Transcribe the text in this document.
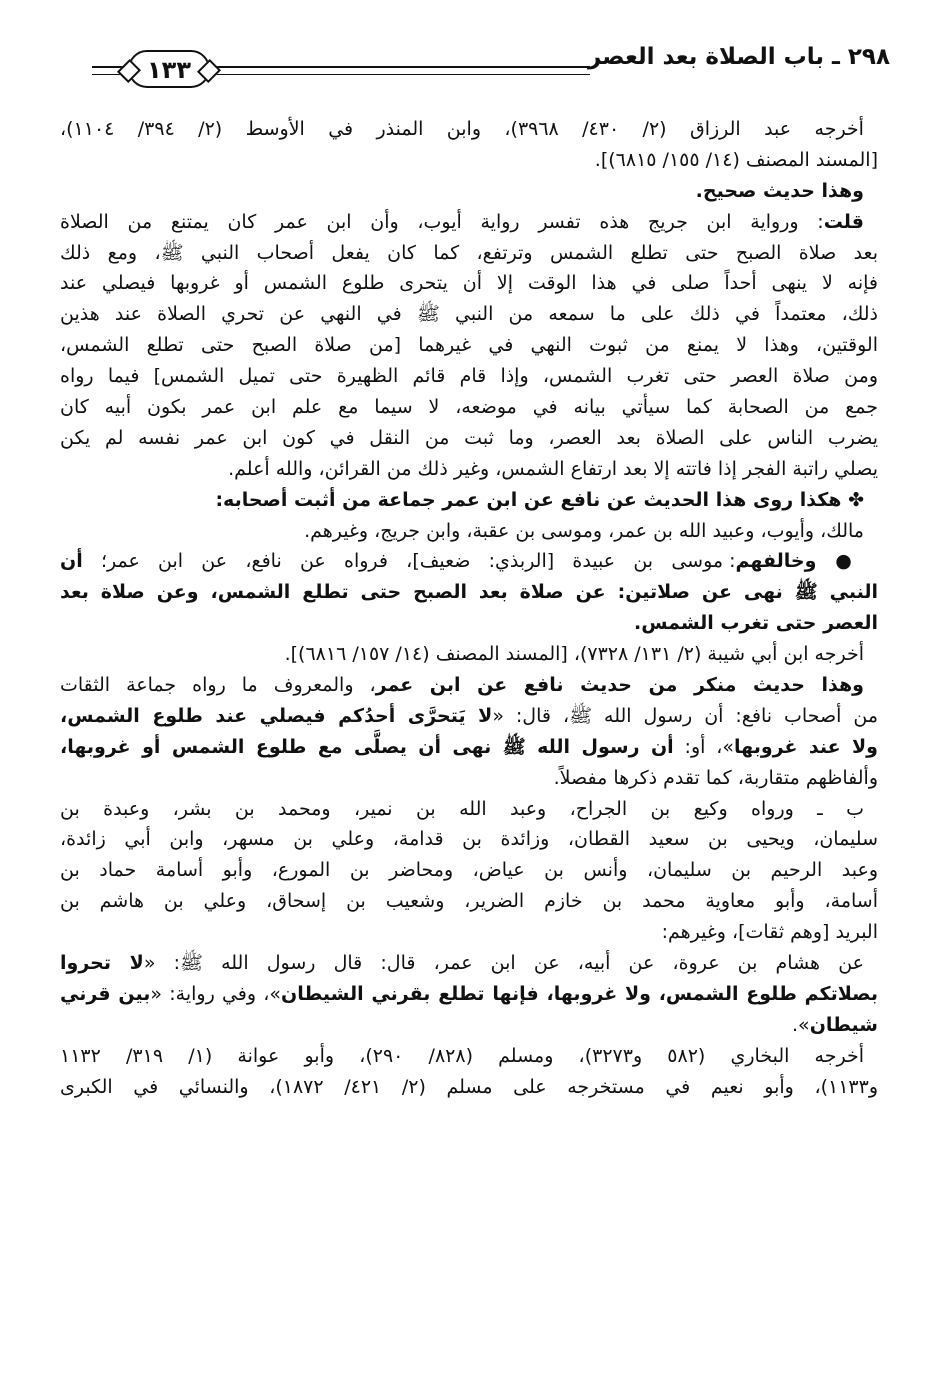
٢٩٨ ـ باب الصلاة بعد العصر
١٣٣
أخرجه عبد الرزاق (٢/ ٤٣٠/ ٣٩٦٨)، وابن المنذر في الأوسط (٢/ ٣٩٤/ ١١٠٤)،
[المسند المصنف (١٤/ ١٥٥/ ٦٨١٥)].
وهذا حديث صحيح.
قلت: ورواية ابن جريج هذه تفسر رواية أيوب، وأن ابن عمر كان يمتنع من الصلاة
بعد صلاة الصبح حتى تطلع الشمس وترتفع، كما كان يفعل أصحاب النبي ﷺ، ومع ذلك
فإنه لا ينهى أحداً صلى في هذا الوقت إلا أن يتحرى طلوع الشمس أو غروبها فيصلي عند
ذلك، معتمداً في ذلك على ما سمعه من النبي ﷺ في النهي عن تحري الصلاة عند هذين
الوقتين، وهذا لا يمنع من ثبوت النهي في غيرهما [من صلاة الصبح حتى تطلع الشمس،
ومن صلاة العصر حتى تغرب الشمس، وإذا قام قائم الظهيرة حتى تميل الشمس] فيما رواه
جمع من الصحابة كما سيأتي بيانه في موضعه، لا سيما مع علم ابن عمر بكون أبيه كان
يضرب الناس على الصلاة بعد العصر، وما ثبت من النقل في كون ابن عمر نفسه لم يكن
يصلي راتبة الفجر إذا فاتته إلا بعد ارتفاع الشمس، وغير ذلك من القرائن، والله أعلم.
✤ هكذا روى هذا الحديث عن نافع عن ابن عمر جماعة من أثبت أصحابه:
مالك، وأيوب، وعبيد الله بن عمر، وموسى بن عقبة، وابن جريج، وغيرهم.
● وخالفهم: موسى بن عبيدة [الربذي: ضعيف]، فرواه عن نافع، عن ابن عمر؛ أن
النبي ﷺ نهى عن صلاتين: عن صلاة بعد الصبح حتى تطلع الشمس، وعن صلاة بعد
العصر حتى تغرب الشمس.
أخرجه ابن أبي شيبة (٢/ ١٣١/ ٧٣٢٨)، [المسند المصنف (١٤/ ١٥٧/ ٦٨١٦)].
وهذا حديث منكر من حديث نافع عن ابن عمر، والمعروف ما رواه جماعة الثقات
من أصحاب نافع: أن رسول الله ﷺ، قال: «لا يَتحرَّى أحدُكم فيصلي عند طلوع الشمس،
ولا عند غروبها»، أو: أن رسول الله ﷺ نهى أن يصلَّى مع طلوع الشمس أو غروبها،
وألفاظهم متقاربة، كما تقدم ذكرها مفصلاً.
ب ـ ورواه وكيع بن الجراح، وعبد الله بن نمير، ومحمد بن بشر، وعبدة بن
سليمان، ويحيى بن سعيد القطان، وزائدة بن قدامة، وعلي بن مسهر، وابن أبي زائدة،
وعبد الرحيم بن سليمان، وأنس بن عياض، ومحاضر بن المورع، وأبو أسامة حماد بن
أسامة، وأبو معاوية محمد بن خازم الضرير، وشعيب بن إسحاق، وعلي بن هاشم بن
البريد [وهم ثقات]، وغيرهم:
عن هشام بن عروة، عن أبيه، عن ابن عمر، قال: قال رسول الله ﷺ: «لا تحروا
بصلاتكم طلوع الشمس، ولا غروبها، فإنها تطلع بقرني الشيطان»، وفي رواية: «بين قرني
شيطان».
أخرجه البخاري (٥٨٢ و٣٢٧٣)، ومسلم (٨٢٨/ ٢٩٠)، وأبو عوانة (١/ ٣١٩/ ١١٣٢
و١١٣٣)، وأبو نعيم في مستخرجه على مسلم (٢/ ٤٢١/ ١٨٧٢)، والنسائي في الكبرى
